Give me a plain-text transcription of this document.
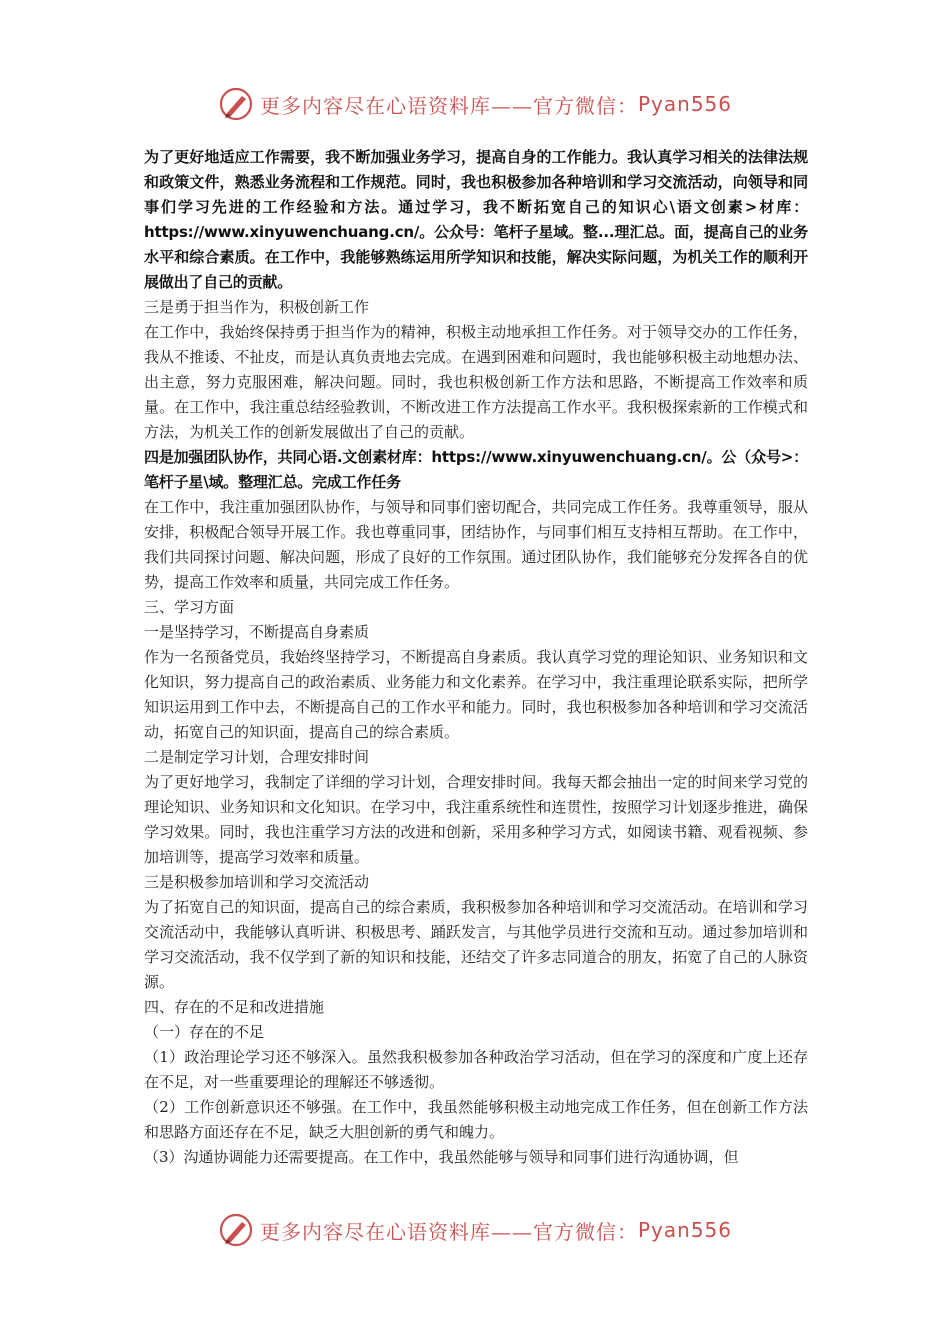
更多内容尽在心语资料库——官方微信： Pyan556

为了更好地适应工作需要，我不断加强业务学习，提高自身的工作能力。我认真学习相关的法律法规和政策文件，熟悉业务流程和工作规范。同时，我也积极参加各种培训和学习交流活动，向领导和同事们学习先进的工作经验和方法。通过学习，我不断拓宽自己的知识心\语文创素>材库：https://www.xinyuwenchuang.cn/。公众号：笔杆子星域。整...理汇总。面，提高自己的业务水平和综合素质。在工作中，我能够熟练运用所学知识和技能，解决实际问题，为机关工作的顺利开展做出了自己的贡献。

三是勇于担当作为，积极创新工作

在工作中，我始终保持勇于担当作为的精神，积极主动地承担工作任务。对于领导交办的工作任务，我从不推诿、不扯皮，而是认真负责地去完成。在遇到困难和问题时，我也能够积极主动地想办法、出主意，努力克服困难，解决问题。同时，我也积极创新工作方法和思路，不断提高工作效率和质量。在工作中，我注重总结经验教训，不断改进工作方法提高工作水平。我积极探索新的工作模式和方法，为机关工作的创新发展做出了自己的贡献。

四是加强团队协作，共同心语.文创素材库：https://www.xinyuwenchuang.cn/。公（众号>：笔杆子星\域。整理汇总。完成工作任务

在工作中，我注重加强团队协作，与领导和同事们密切配合，共同完成工作任务。我尊重领导，服从安排，积极配合领导开展工作。我也尊重同事，团结协作，与同事们相互支持相互帮助。在工作中，我们共同探讨问题、解决问题，形成了良好的工作氛围。通过团队协作，我们能够充分发挥各自的优势，提高工作效率和质量，共同完成工作任务。

三、学习方面

一是坚持学习，不断提高自身素质

作为一名预备党员，我始终坚持学习，不断提高自身素质。我认真学习党的理论知识、业务知识和文化知识，努力提高自己的政治素质、业务能力和文化素养。在学习中，我注重理论联系实际，把所学知识运用到工作中去，不断提高自己的工作水平和能力。同时，我也积极参加各种培训和学习交流活动，拓宽自己的知识面，提高自己的综合素质。

二是制定学习计划，合理安排时间

为了更好地学习，我制定了详细的学习计划，合理安排时间。我每天都会抽出一定的时间来学习党的理论知识、业务知识和文化知识。在学习中，我注重系统性和连贯性，按照学习计划逐步推进，确保学习效果。同时，我也注重学习方法的改进和创新，采用多种学习方式，如阅读书籍、观看视频、参加培训等，提高学习效率和质量。

三是积极参加培训和学习交流活动

为了拓宽自己的知识面，提高自己的综合素质，我积极参加各种培训和学习交流活动。在培训和学习交流活动中，我能够认真听讲、积极思考、踊跃发言，与其他学员进行交流和互动。通过参加培训和学习交流活动，我不仅学到了新的知识和技能，还结交了许多志同道合的朋友，拓宽了自己的人脉资源。

四、存在的不足和改进措施

（一）存在的不足

（1）政治理论学习还不够深入。虽然我积极参加各种政治学习活动，但在学习的深度和广度上还存在不足，对一些重要理论的理解还不够透彻。

（2）工作创新意识还不够强。在工作中，我虽然能够积极主动地完成工作任务，但在创新工作方法和思路方面还存在不足，缺乏大胆创新的勇气和魄力。

（3）沟通协调能力还需要提高。在工作中，我虽然能够与领导和同事们进行沟通协调，但

更多内容尽在心语资料库——官方微信： Pyan556
